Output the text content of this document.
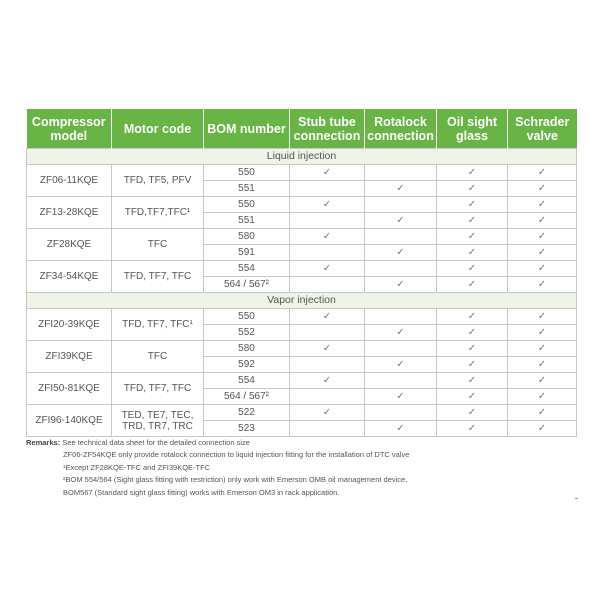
Compressor model	Motor code	BOM number	Stub tube connection	Rotalock connection	Oil sight glass	Schrader valve
Liquid injection						
ZF06-11KQE	TFD, TF5, PFV	550	✓		✓	✓
		551		✓	✓	✓
ZF13-28KQE	TFD,TF7,TFC¹	550	✓		✓	✓
		551		✓	✓	✓
ZF28KQE	TFC	580	✓		✓	✓
		591		✓	✓	✓
ZF34-54KQE	TFD, TF7, TFC	554	✓		✓	✓
		564 / 567²		✓	✓	✓
Vapor injection						
ZFI20-39KQE	TFD, TF7, TFC¹	550	✓		✓	✓
		552		✓	✓	✓
ZFI39KQE	TFC	580	✓		✓	✓
		592		✓	✓	✓
ZFI50-81KQE	TFD, TF7, TFC	554	✓		✓	✓
		564 / 567²		✓	✓	✓
ZFI96-140KQE	TED, TE7, TEC, TRD, TR7, TRC	522	✓		✓	✓
		523		✓	✓	✓
Remarks: See technical data sheet for the detailed connection size
ZF06-ZF54KQE only provide rotalock connection to liquid injection fitting for the installation of DTC valve
¹Except ZF28KQE-TFC and ZFI39KQE-TFC
²BOM 554/564 (Sight glass fitting with restriction) only work with Emerson OMB oil management device,
BOM567 (Standard sight glass fitting) works with Emerson OM3 in rack application.
